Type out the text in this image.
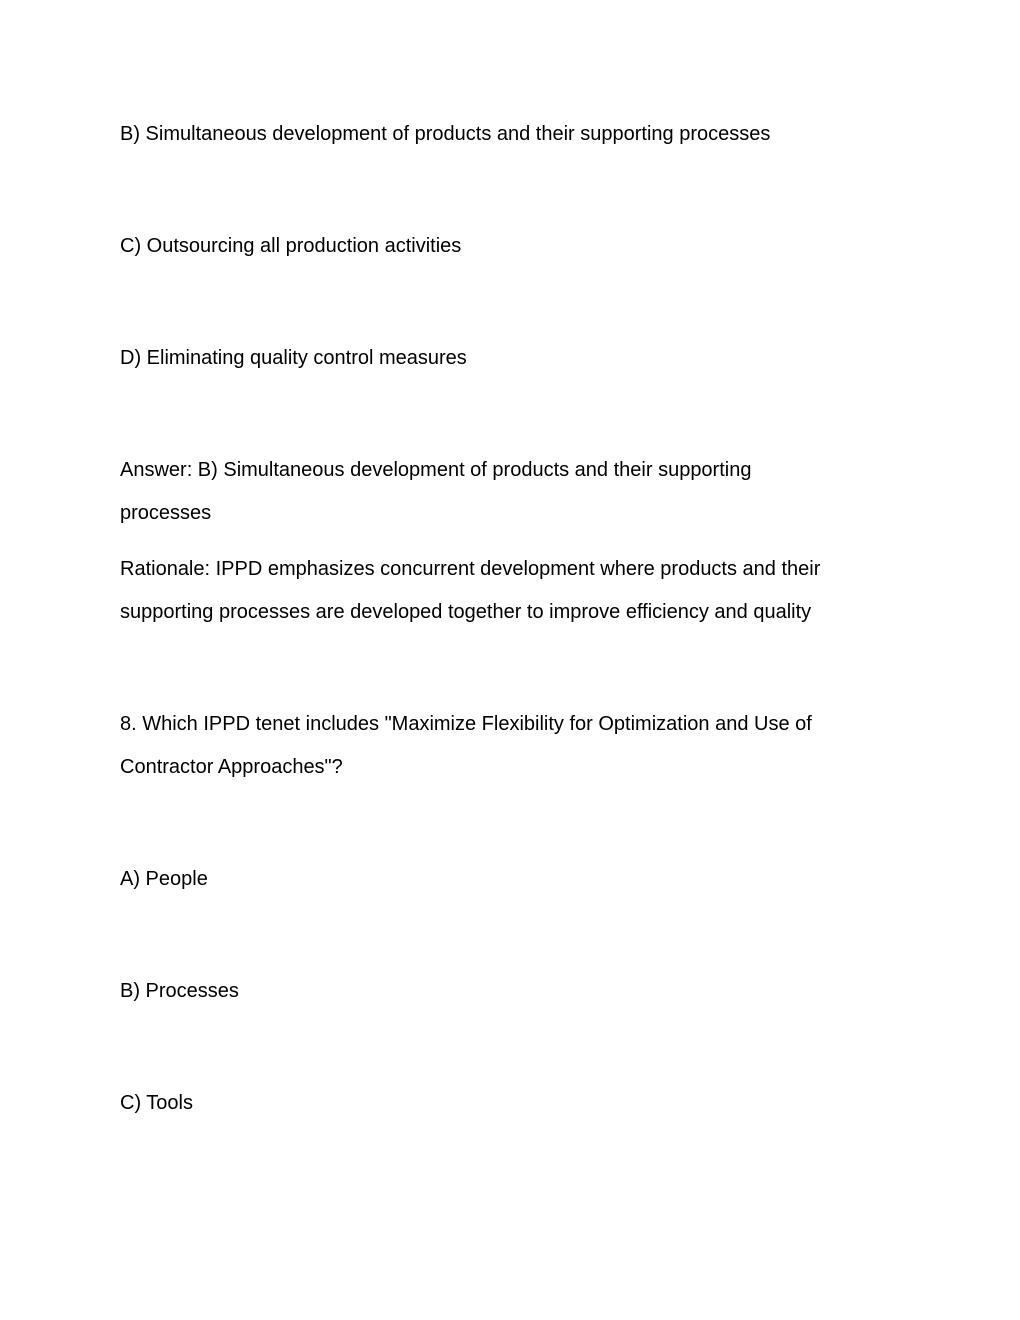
B) Simultaneous development of products and their supporting processes
C) Outsourcing all production activities
D) Eliminating quality control measures
Answer: B) Simultaneous development of products and their supporting
processes
Rationale: IPPD emphasizes concurrent development where products and their
supporting processes are developed together to improve efficiency and quality
8. Which IPPD tenet includes "Maximize Flexibility for Optimization and Use of
Contractor Approaches"?
A) People
B) Processes
C) Tools
